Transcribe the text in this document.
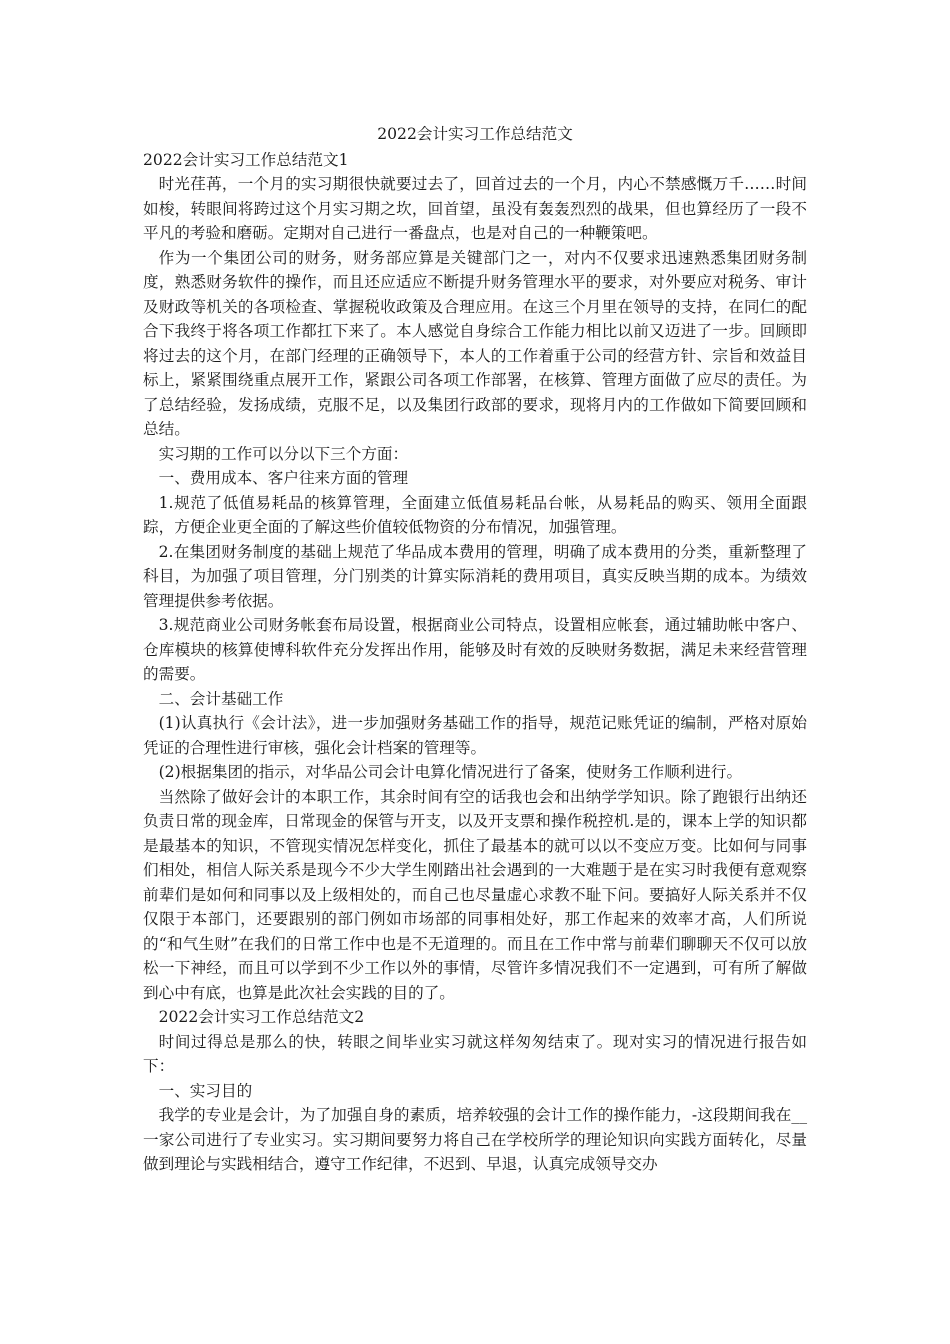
2022会计实习工作总结范文
2022会计实习工作总结范文1
时光荏苒，一个月的实习期很快就要过去了，回首过去的一个月，内心不禁感慨万千……时间如梭，转眼间将跨过这个月实习期之坎，回首望，虽没有轰轰烈烈的战果，但也算经历了一段不平凡的考验和磨砺。定期对自己进行一番盘点，也是对自己的一种鞭策吧。
作为一个集团公司的财务，财务部应算是关键部门之一，对内不仅要求迅速熟悉集团财务制度，熟悉财务软件的操作，而且还应适应不断提升财务管理水平的要求，对外要应对税务、审计及财政等机关的各项检查、掌握税收政策及合理应用。在这三个月里在领导的支持，在同仁的配合下我终于将各项工作都扛下来了。本人感觉自身综合工作能力相比以前又迈进了一步。回顾即将过去的这个月，在部门经理的正确领导下，本人的工作着重于公司的经营方针、宗旨和效益目标上，紧紧围绕重点展开工作，紧跟公司各项工作部署，在核算、管理方面做了应尽的责任。为了总结经验，发扬成绩，克服不足，以及集团行政部的要求，现将月内的工作做如下简要回顾和总结。
实习期的工作可以分以下三个方面：
一、费用成本、客户往来方面的管理
1.规范了低值易耗品的核算管理，全面建立低值易耗品台帐，从易耗品的购买、领用全面跟踪，方便企业更全面的了解这些价值较低物资的分布情况，加强管理。
2.在集团财务制度的基础上规范了华品成本费用的管理，明确了成本费用的分类，重新整理了科目，为加强了项目管理，分门别类的计算实际消耗的费用项目，真实反映当期的成本。为绩效管理提供参考依据。
3.规范商业公司财务帐套布局设置，根据商业公司特点，设置相应帐套，通过辅助帐中客户、仓库模块的核算使博科软件充分发挥出作用，能够及时有效的反映财务数据，满足未来经营管理的需要。
二、会计基础工作
(1)认真执行《会计法》，进一步加强财务基础工作的指导，规范记账凭证的编制，严格对原始凭证的合理性进行审核，强化会计档案的管理等。
(2)根据集团的指示，对华品公司会计电算化情况进行了备案，使财务工作顺利进行。
当然除了做好会计的本职工作，其余时间有空的话我也会和出纳学学知识。除了跑银行出纳还负责日常的现金库，日常现金的保管与开支，以及开支票和操作税控机.是的，课本上学的知识都是最基本的知识，不管现实情况怎样变化，抓住了最基本的就可以以不变应万变。比如何与同事们相处，相信人际关系是现今不少大学生刚踏出社会遇到的一大难题于是在实习时我便有意观察前辈们是如何和同事以及上级相处的，而自己也尽量虚心求教不耻下问。要搞好人际关系并不仅仅限于本部门，还要跟别的部门例如市场部的同事相处好，那工作起来的效率才高，人们所说的“和气生财”在我们的日常工作中也是不无道理的。而且在工作中常与前辈们聊聊天不仅可以放松一下神经，而且可以学到不少工作以外的事情，尽管许多情况我们不一定遇到，可有所了解做到心中有底，也算是此次社会实践的目的了。
2022会计实习工作总结范文2
时间过得总是那么的快，转眼之间毕业实习就这样匆匆结束了。现对实习的情况进行报告如下：
一、实习目的
我学的专业是会计，为了加强自身的素质，培养较强的会计工作的操作能力，-这段期间我在__一家公司进行了专业实习。实习期间要努力将自己在学校所学的理论知识向实践方面转化，尽量做到理论与实践相结合，遵守工作纪律，不迟到、早退，认真完成领导交办
